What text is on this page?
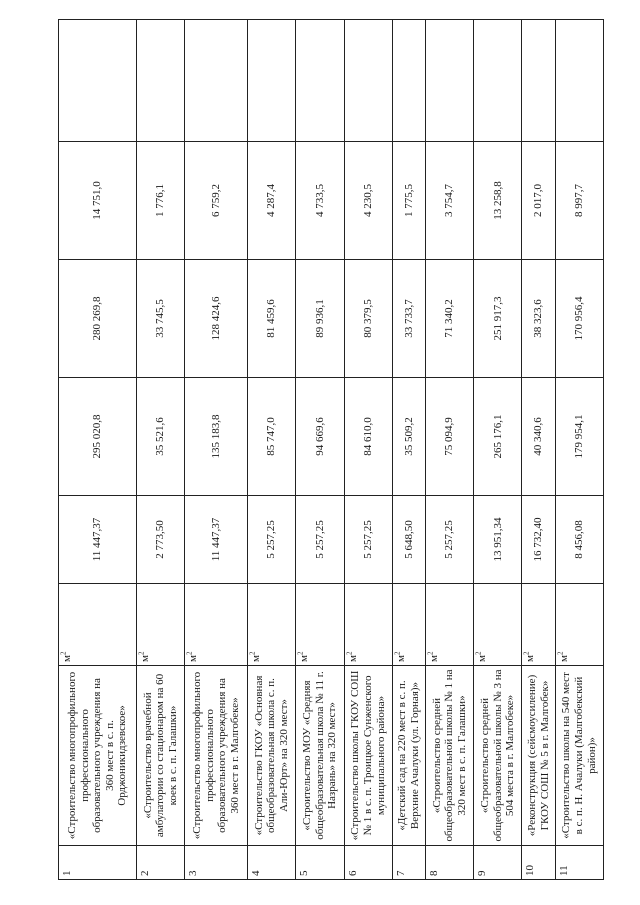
1	«Строительство многопрофильного профессионального образовательного учреждения на 360 мест в с. п. Орджоникидзевское»	$м^2$	11 447,37	295 020,8	280 269,8	14 751,0	
2	«Строительство врачебной амбулатории со стационаром на 60 коек в с. п. Галашки»	$м^2$	2 773,50	35 521,6	33 745,5	1 776,1	
3	«Строительство многопрофильного профессионального образовательного учреждения на 360 мест в г. Малгобеке»	$м^2$	11 447,37	135 183,8	128 424,6	6 759,2	
4	«Строительство ГКОУ «Основная общеобразовательная школа с. п. Али-Юрт» на 320 мест»	$м^2$	5 257,25	85 747,0	81 459,6	4 287,4	
5	«Строительство МОУ «Средняя общеобразовательная школа № 11 г. Назрань» на 320 мест»	$м^2$	5 257,25	94 669,6	89 936,1	4 733,5	
6	«Строительство школы ГКОУ СОШ № 1 в с. п. Троицкое Сунженского муниципального района»	$м^2$	5 257,25	84 610,0	80 379,5	4 230,5	
7	«Детский сад на 220 мест в с. п. Верхние Ачалуки (ул. Горная)»	$м^2$	5 648,50	35 509,2	33 733,7	1 775,5	
8	«Строительство средней общеобразовательной школы № 1 на 320 мест в с. п. Галашки»	$м^2$	5 257,25	75 094,9	71 340,2	3 754,7	
9	«Строительство средней общеобразовательной школы № 3 на 504 места в г. Малгобеке»	$м^2$	13 951,34	265 176,1	251 917,3	13 258,8	
10	«Реконструкция (сейсмоусиление) ГКОУ СОШ № 5 в г. Малгобек»	$м^2$	16 732,40	40 340,6	38 323,6	2 017,0	
11	«Строительство школы на 540 мест в с. п. Н. Ачалуки (Малгобекский район)»	$м^2$	8 456,08	179 954,1	170 956,4	8 997,7	
